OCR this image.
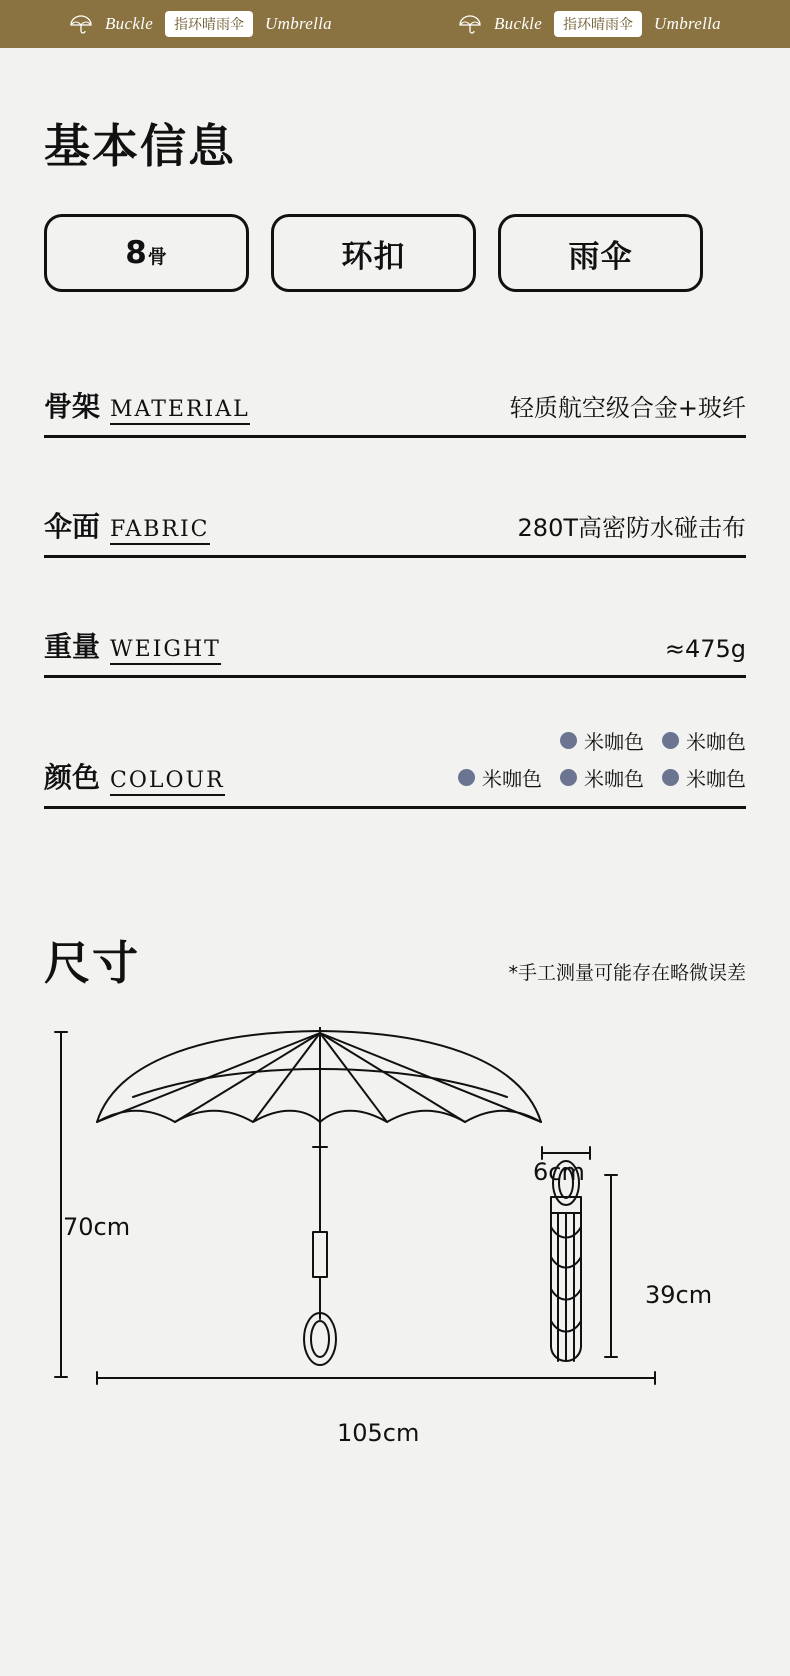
Buckle	指环晴雨伞	Umbrella	Buckle	指环晴雨伞	Umbrella
基本信息
8骨	环扣	雨伞
骨架 MATERIAL	轻质航空级合金+玻纤
伞面 FABRIC	280T高密防水碰击布
重量 WEIGHT	≈475g
颜色 COLOUR
米咖色 米咖色
米咖色 米咖色 米咖色
尺寸	*手工测量可能存在略微误差
70cm
105cm
6cm
39cm
